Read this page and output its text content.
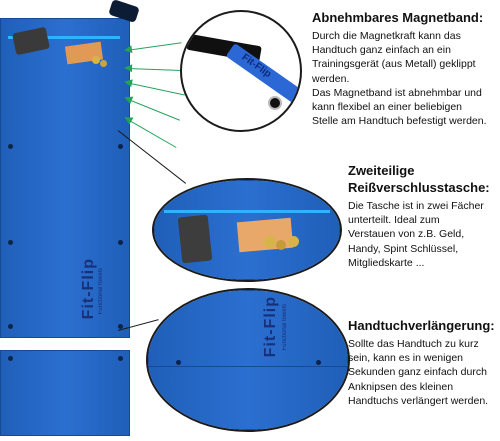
Fit-Flip Functional towels
Fit-Flip
Fit-Flip Functional towels
Abnehmbares Magnetband:
Durch die Magnetkraft kann das
Handtuch ganz einfach an ein
Trainingsgerät (aus Metall) geklippt
werden.
Das Magnetband ist abnehmbar und
kann flexibel an einer beliebigen
Stelle am Handtuch befestigt werden.
Zweiteilige
Reißverschlusstasche:
Die Tasche ist in zwei Fächer
unterteilt. Ideal zum
Verstauen von z.B. Geld,
Handy, Spint Schlüssel,
Mitgliedskarte ...
Handtuchverlängerung:
Sollte das Handtuch zu kurz
sein, kann es in wenigen
Sekunden ganz einfach durch
Anknipsen des kleinen
Handtuchs verlängert werden.
